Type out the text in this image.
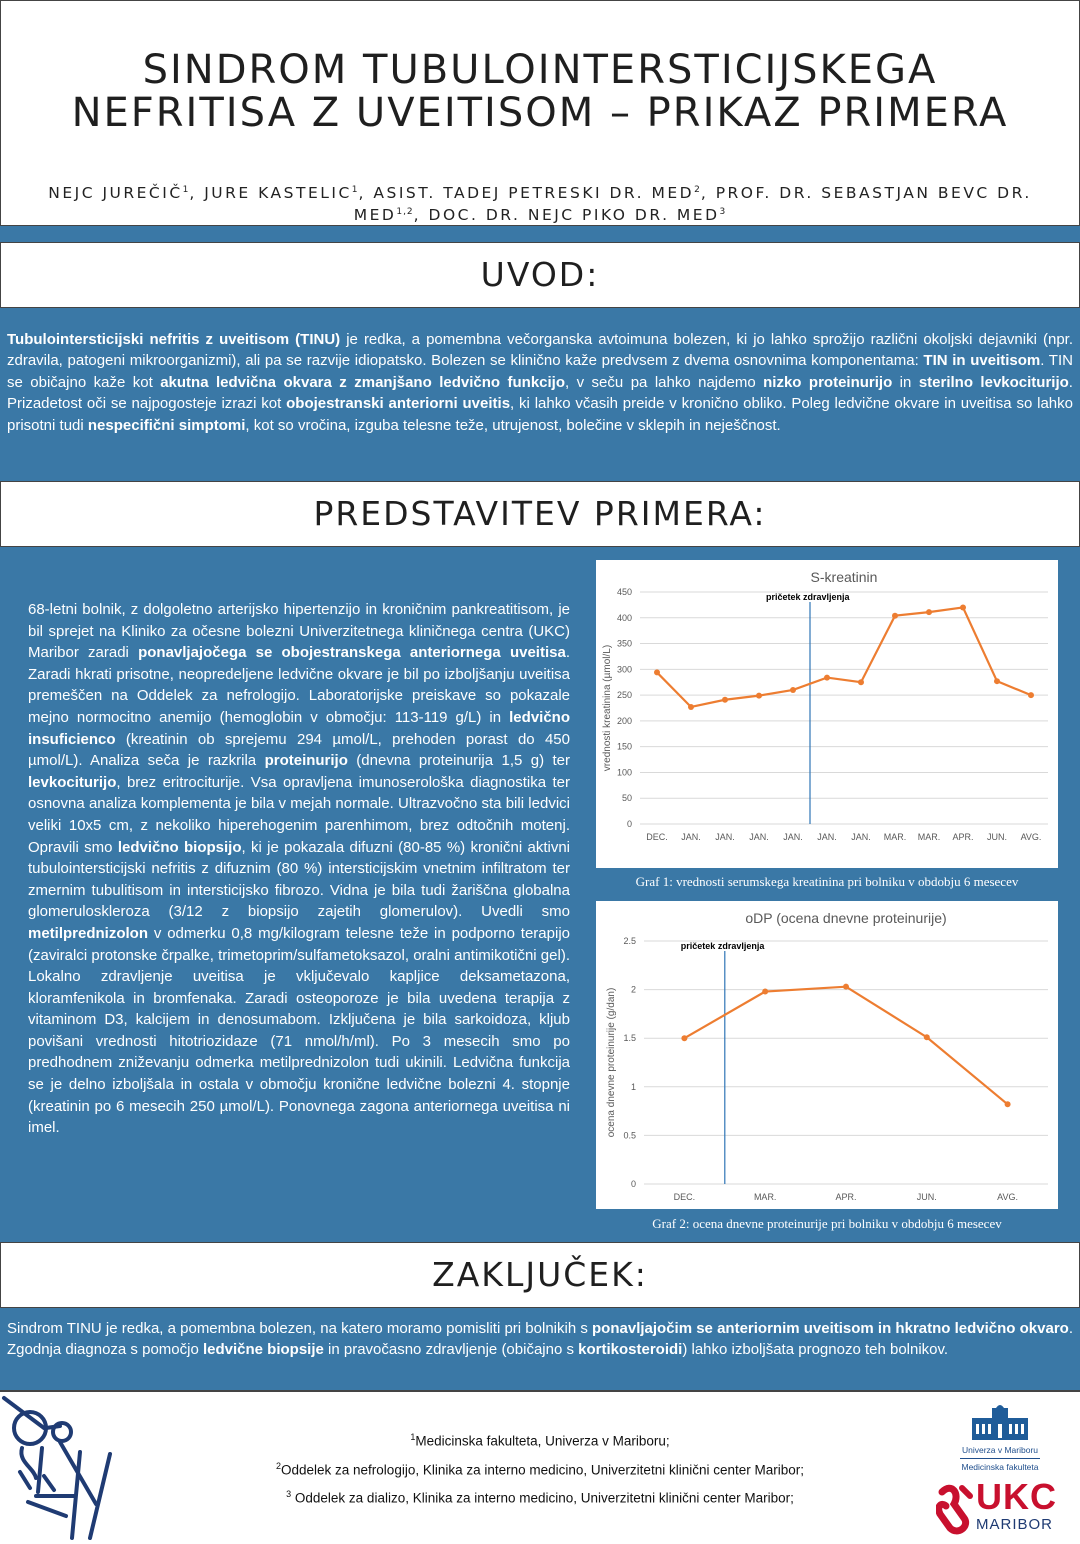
SINDROM TUBULOINTERSTICIJSKEGA
NEFRITISA Z UVEITISOM – PRIKAZ PRIMERA
NEJC JUREČIČ$^1$, JURE KASTELIC$^1$, ASIST. TADEJ PETRESKI DR. MED$^2$, PROF. DR. SEBASTJAN BEVC DR. MED$^{1,2}$, DOC. DR. NEJC PIKO DR. MED$^3$
UVOD:
Tubulointersticijski nefritis z uveitisom (TINU) je redka, a pomembna večorganska avtoimuna bolezen, ki jo lahko sprožijo različni okoljski dejavniki (npr. zdravila, patogeni mikroorganizmi), ali pa se razvije idiopatsko. Bolezen se klinično kaže predvsem z dvema osnovnima komponentama: TIN in uveitisom. TIN se običajno kaže kot akutna ledvična okvara z zmanjšano ledvično funkcijo, v seču pa lahko najdemo nizko proteinurijo in sterilno levkociturijo. Prizadetost oči se najpogosteje izrazi kot obojestranski anteriorni uveitis, ki lahko včasih preide v kronično obliko. Poleg ledvične okvare in uveitisa so lahko prisotni tudi nespecifični simptomi, kot so vročina, izguba telesne teže, utrujenost, bolečine v sklepih in neješčnost.
PREDSTAVITEV PRIMERA:
68-letni bolnik, z dolgoletno arterijsko hipertenzijo in kroničnim pankreatitisom, je bil sprejet na Kliniko za očesne bolezni Univerzitetnega kliničnega centra (UKC) Maribor zaradi ponavljajočega se obojestranskega anteriornega uveitisa. Zaradi hkrati prisotne, neopredeljene ledvične okvare je bil po izboljšanju uveitisa premeščen na Oddelek za nefrologijo. Laboratorijske preiskave so pokazale mejno normocitno anemijo (hemoglobin v območju: 113-119 g/L) in ledvično insuficienco (kreatinin ob sprejemu 294 µmol/L, prehoden porast do 450 µmol/L). Analiza seča je razkrila proteinurijo (dnevna proteinurija 1,5 g) ter levkociturijo, brez eritrociturije. Vsa opravljena imunoserološka diagnostika ter osnovna analiza komplementa je bila v mejah normale. Ultrazvočno sta bili ledvici veliki 10x5 cm, z nekoliko hiperehogenim parenhimom, brez odtočnih motenj. Opravili smo ledvično biopsijo, ki je pokazala difuzni (80-85 %) kronični aktivni tubulointersticijski nefritis z difuznim (80 %) intersticijskim vnetnim infiltratom ter zmernim tubulitisom in intersticijsko fibrozo. Vidna je bila tudi žariščna globalna glomeruloskleroza (3/12 z biopsijo zajetih glomerulov). Uvedli smo metilprednizolon v odmerku 0,8 mg/kilogram telesne teže in podporno terapijo (zaviralci protonske črpalke, trimetoprim/sulfametoksazol, oralni antimikotični gel). Lokalno zdravljenje uveitisa je vključevalo kapljice deksametazona, kloramfenikola in bromfenaka. Zaradi osteoporoze je bila uvedena terapija z vitaminom D3, kalcijem in denosumabom. Izključena je bila sarkoidoza, kljub povišani vrednosti hitotriozidaze (71 nmol/h/ml). Po 3 mesecih smo po predhodnem zniževanju odmerka metilprednizolon tudi ukinili. Ledvična funkcija se je delno izboljšala in ostala v območju kronične ledvične bolezni 4. stopnje (kreatinin po 6 mesecih 250 µmol/L). Ponovnega zagona anteriornega uveitisa ni imel.
S-kreatinin
0
50
100
150
200
250
300
350
400
450
DEC. JAN. JAN. JAN. JAN. JAN. JAN. MAR. MAR. APR. JUN. AVG.
vrednosti kreatinina (µmol/L)
pričetek zdravljenja
Graf 1: vrednosti serumskega kreatinina pri bolniku v obdobju 6 mesecev
oDP (ocena dnevne proteinurije)
0
0.5
1
1.5
2
2.5
DEC.	MAR.	APR.	JUN.	AVG.
ocena dnevne proteinurije (g/dan)
pričetek zdravljenja
Graf 2: ocena dnevne proteinurije pri bolniku v obdobju 6 mesecev
ZAKLJUČEK:
Sindrom TINU je redka, a pomembna bolezen, na katero moramo pomisliti pri bolnikih s ponavljajočim se anteriornim uveitisom in hkratno ledvično okvaro. Zgodnja diagnoza s pomočjo ledvične biopsije in pravočasno zdravljenje (običajno s kortikosteroidi) lahko izboljšata prognozo teh bolnikov.
$^1$Medicinska fakulteta, Univerza v Mariboru;
$^2$Oddelek za nefrologijo, Klinika za interno medicino, Univerzitetni klinični center Maribor;
$^3$ Oddelek za dializo, Klinika za interno medicino, Univerzitetni klinični center Maribor;
Univerza v Mariboru
Medicinska fakulteta
UKC
MARIBOR
